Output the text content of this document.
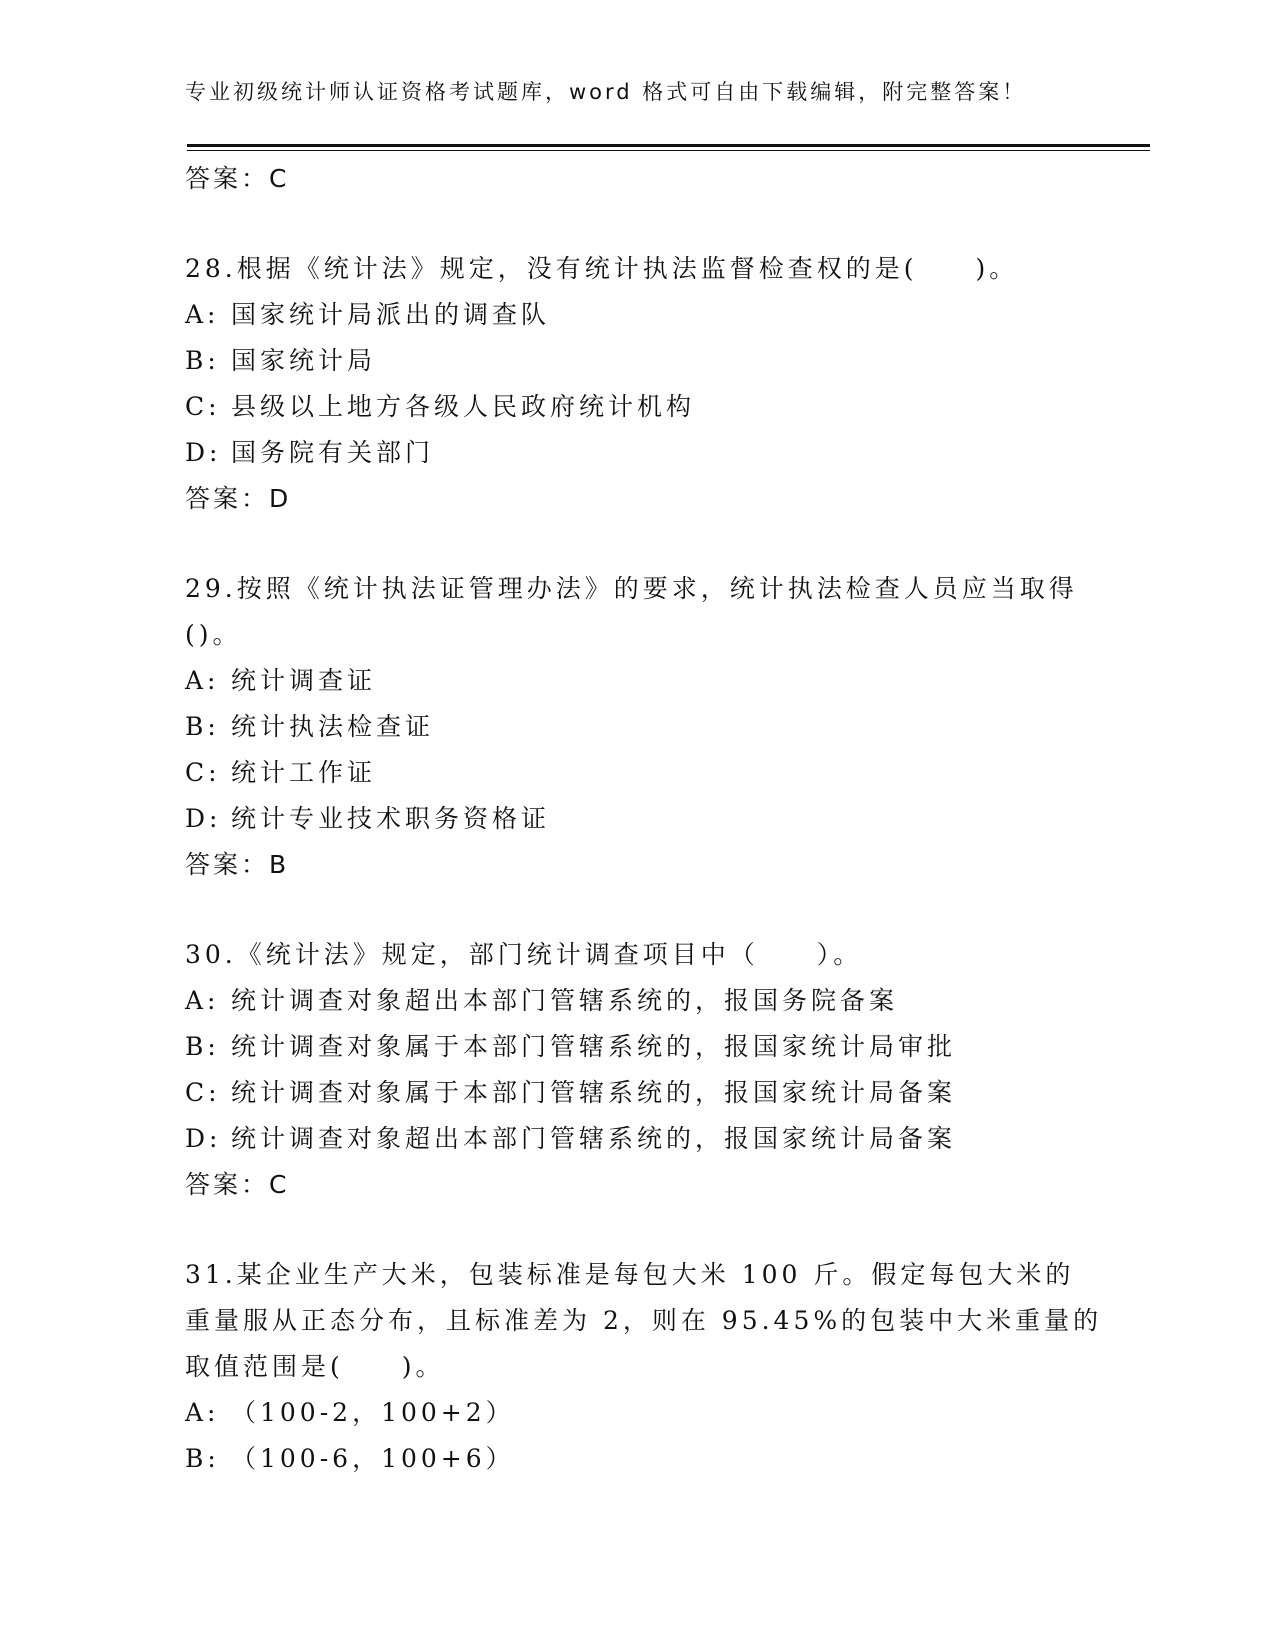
专业初级统计师认证资格考试题库，word 格式可自由下载编辑，附完整答案！
答案：C
28.根据《统计法》规定，没有统计执法监督检查权的是(　　)。
A: 国家统计局派出的调查队
B: 国家统计局
C: 县级以上地方各级人民政府统计机构
D: 国务院有关部门
答案：D
29.按照《统计执法证管理办法》的要求，统计执法检查人员应当取得
()。
A: 统计调查证
B: 统计执法检查证
C: 统计工作证
D: 统计专业技术职务资格证
答案：B
30.《统计法》规定，部门统计调查项目中（　　）。
A: 统计调查对象超出本部门管辖系统的，报国务院备案
B: 统计调查对象属于本部门管辖系统的，报国家统计局审批
C: 统计调查对象属于本部门管辖系统的，报国家统计局备案
D: 统计调查对象超出本部门管辖系统的，报国家统计局备案
答案：C
31.某企业生产大米，包装标准是每包大米 100 斤。假定每包大米的
重量服从正态分布，且标准差为 2，则在 95.45%的包装中大米重量的
取值范围是(　　)。
A: （100-2，100+2）
B: （100-6，100+6）
